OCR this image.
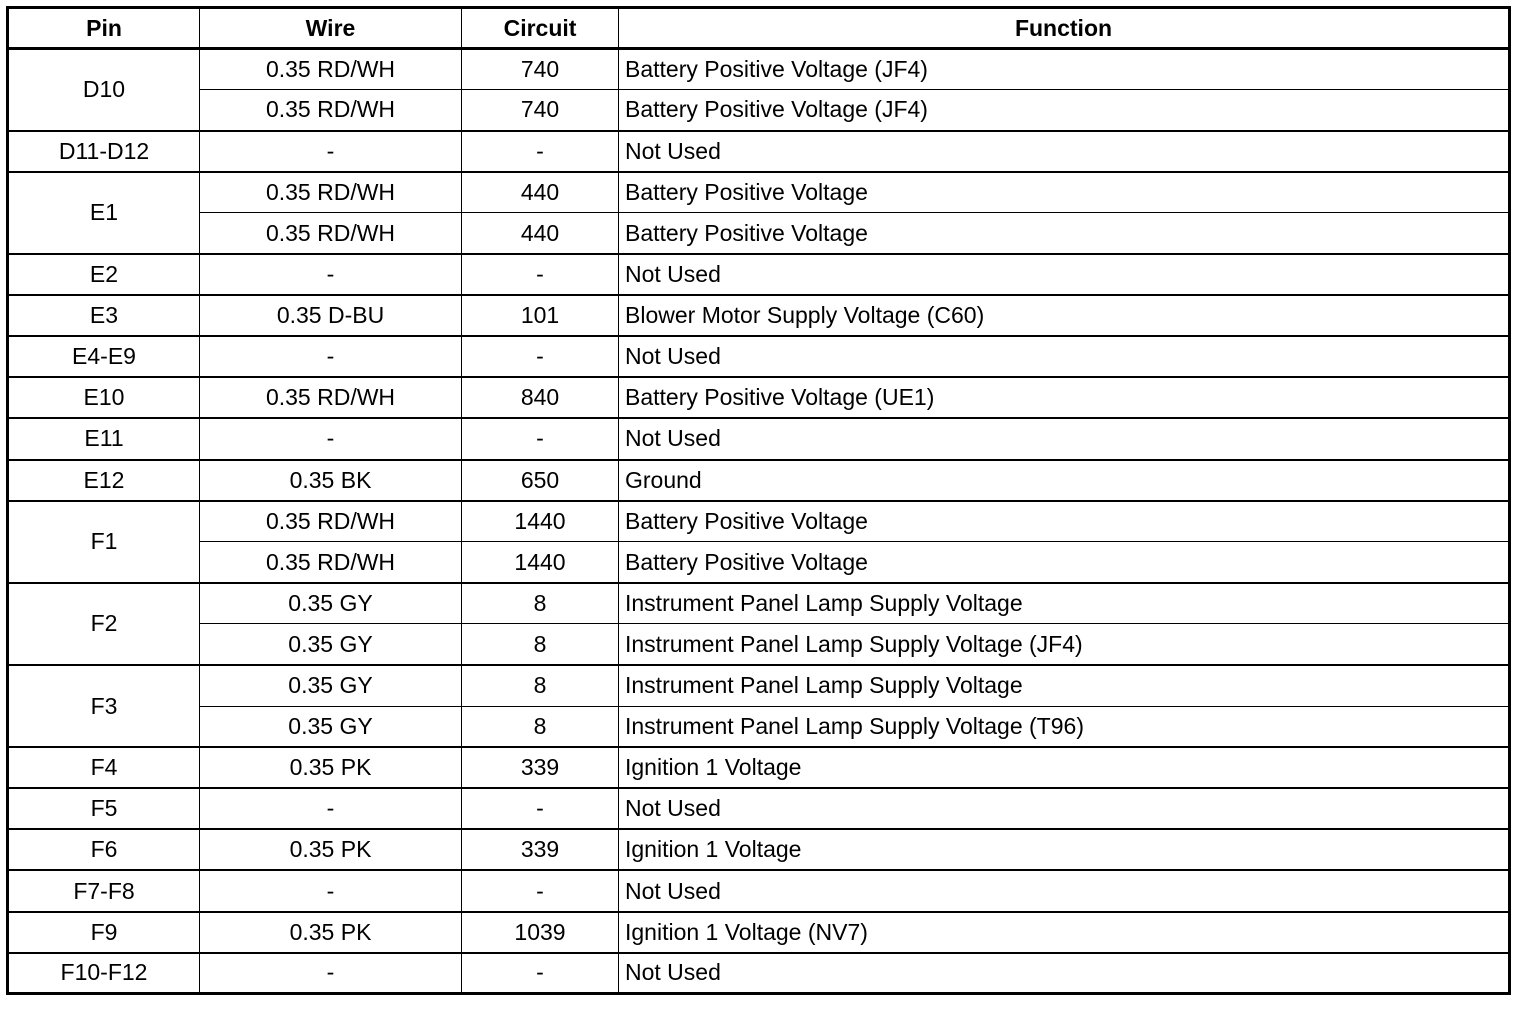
Pin	Wire	Circuit	Function
D10	0.35 RD/WH	740	Battery Positive Voltage (JF4)
	0.35 RD/WH	740	Battery Positive Voltage (JF4)
D11-D12	-	-	Not Used
E1	0.35 RD/WH	440	Battery Positive Voltage
	0.35 RD/WH	440	Battery Positive Voltage
E2	-	-	Not Used
E3	0.35 D-BU	101	Blower Motor Supply Voltage (C60)
E4-E9	-	-	Not Used
E10	0.35 RD/WH	840	Battery Positive Voltage (UE1)
E11	-	-	Not Used
E12	0.35 BK	650	Ground
F1	0.35 RD/WH	1440	Battery Positive Voltage
	0.35 RD/WH	1440	Battery Positive Voltage
F2	0.35 GY	8	Instrument Panel Lamp Supply Voltage
	0.35 GY	8	Instrument Panel Lamp Supply Voltage (JF4)
F3	0.35 GY	8	Instrument Panel Lamp Supply Voltage
	0.35 GY	8	Instrument Panel Lamp Supply Voltage (T96)
F4	0.35 PK	339	Ignition 1 Voltage
F5	-	-	Not Used
F6	0.35 PK	339	Ignition 1 Voltage
F7-F8	-	-	Not Used
F9	0.35 PK	1039	Ignition 1 Voltage (NV7)
F10-F12	-	-	Not Used
